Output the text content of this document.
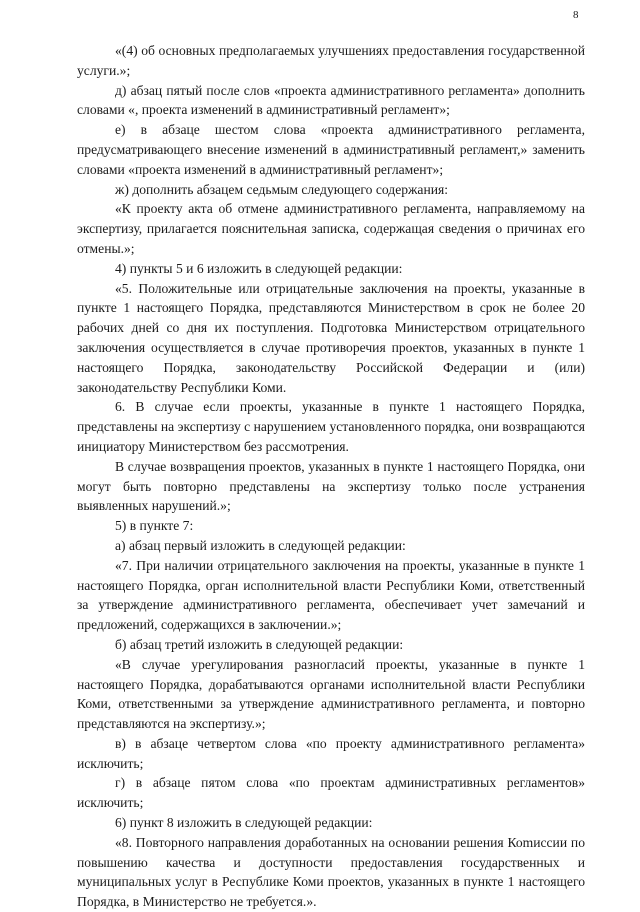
8

«(4) об основных предполагаемых улучшениях предоставления государственной услуги.»;

д) абзац пятый после слов «проекта административного регламента» дополнить словами «, проекта изменений в административный регламент»;

е) в абзаце шестом слова «проекта административного регламента, предусматривающего внесение изменений в административный регламент,» заменить словами «проекта изменений в административный регламент»;

ж) дополнить абзацем седьмым следующего содержания:

«К проекту акта об отмене административного регламента, направляемому на экспертизу, прилагается пояснительная записка, содержащая сведения о причинах его отмены.»;

4) пункты 5 и 6 изложить в следующей редакции:

«5. Положительные или отрицательные заключения на проекты, указанные в пункте 1 настоящего Порядка, представляются Министерством в срок не более 20 рабочих дней со дня их поступления. Подготовка Министерством отрицательного заключения осуществляется в случае противоречия проектов, указанных в пункте 1 настоящего Порядка, законодательству Российской Федерации и (или) законодательству Республики Коми.

6. В случае если проекты, указанные в пункте 1 настоящего Порядка, представлены на экспертизу с нарушением установленного порядка, они возвращаются инициатору Министерством без рассмотрения.

В случае возвращения проектов, указанных в пункте 1 настоящего Порядка, они могут быть повторно представлены на экспертизу только после устранения выявленных нарушений.»;

5) в пункте 7:

а) абзац первый изложить в следующей редакции:

«7. При наличии отрицательного заключения на проекты, указанные в пункте 1 настоящего Порядка, орган исполнительной власти Республики Коми, ответственный за утверждение административного регламента, обеспечивает учет замечаний и предложений, содержащихся в заключении.»;

б) абзац третий изложить в следующей редакции:

«В случае урегулирования разногласий проекты, указанные в пункте 1 настоящего Порядка, дорабатываются органами исполнительной власти Республики Коми, ответственными за утверждение административного регламента, и повторно представляются на экспертизу.»;

в) в абзаце четвертом слова «по проекту административного регламента» исключить;

г) в абзаце пятом слова «по проектам административных регламентов» исключить;

6) пункт 8 изложить в следующей редакции:

«8. Повторного направления доработанных на основании решения Коmиссии по повышению качества и доступности предоставления государственных и муниципальных услуг в Республике Коми проектов, указанных в пункте 1 настоящего Порядка, в Министерство не требуется.».
